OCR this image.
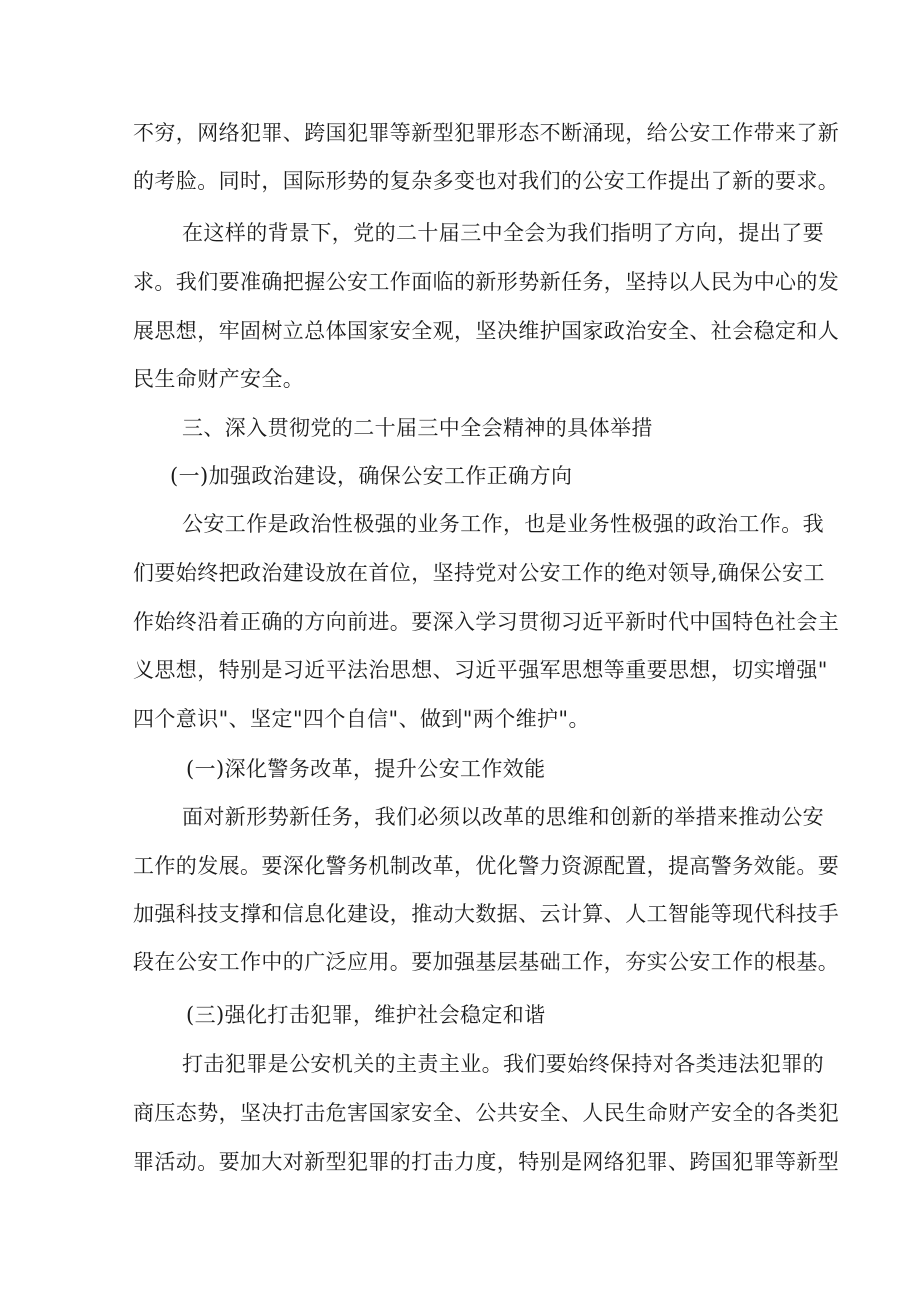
不穷，网络犯罪、跨国犯罪等新型犯罪形态不断涌现，给公安工作带来了新
的考脸。同时，国际形势的复杂多变也对我们的公安工作提出了新的要求。
在这样的背景下，党的二十届三中全会为我们指明了方向，提出了要
求。我们要准确把握公安工作面临的新形势新任务，坚持以人民为中心的发
展思想，牢固树立总体国家安全观，坚决维护国家政治安全、社会稳定和人
民生命财产安全。
三、深入贯彻党的二十届三中全会精神的具体举措
(一)加强政治建设，确保公安工作正确方向
公安工作是政治性极强的业务工作，也是业务性极强的政治工作。我
们要始终把政治建设放在首位，坚持党对公安工作的绝对领导,确保公安工
作始终沿着正确的方向前进。要深入学习贯彻习近平新时代中国特色社会主
义思想，特别是习近平法治思想、习近平强军思想等重要思想，切实增强"
四个意识"、坚定"四个自信"、做到"两个维护"。
(一)深化警务改革，提升公安工作效能
面对新形势新任务，我们必须以改革的思维和创新的举措来推动公安
工作的发展。要深化警务机制改革，优化警力资源配置，提高警务效能。要
加强科技支撑和信息化建设，推动大数据、云计算、人工智能等现代科技手
段在公安工作中的广泛应用。要加强基层基础工作，夯实公安工作的根基。
(三)强化打击犯罪，维护社会稳定和谐
打击犯罪是公安机关的主责主业。我们要始终保持对各类违法犯罪的
商压态势，坚决打击危害国家安全、公共安全、人民生命财产安全的各类犯
罪活动。要加大对新型犯罪的打击力度，特别是网络犯罪、跨国犯罪等新型
